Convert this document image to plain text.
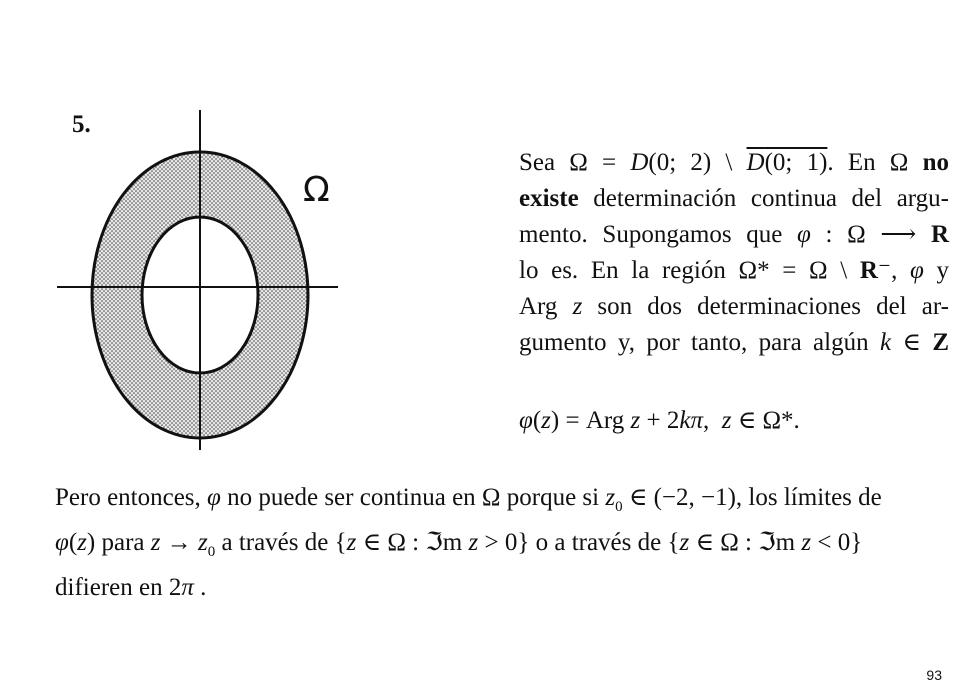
5.
Ω
Sea Ω = D(0; 2) \ D(0; 1). En Ω no
existe determinación continua del argu-
mento. Supongamos que φ : Ω ⟶ R
lo es. En la región Ω* = Ω \ R⁻, φ y
Arg z son dos determinaciones del ar-
gumento y, por tanto, para algún k ∈ Z
φ(z) = Arg z + 2kπ,  z ∈ Ω*.
Pero entonces, φ no puede ser continua en Ω porque si $z_0$ ∈ (−2, −1), los límites de
φ(z) para $z \to z_0$ a través de {z ∈ Ω : ℑm z > 0} o a través de {z ∈ Ω : ℑm z < 0}
difieren en 2π .
93
